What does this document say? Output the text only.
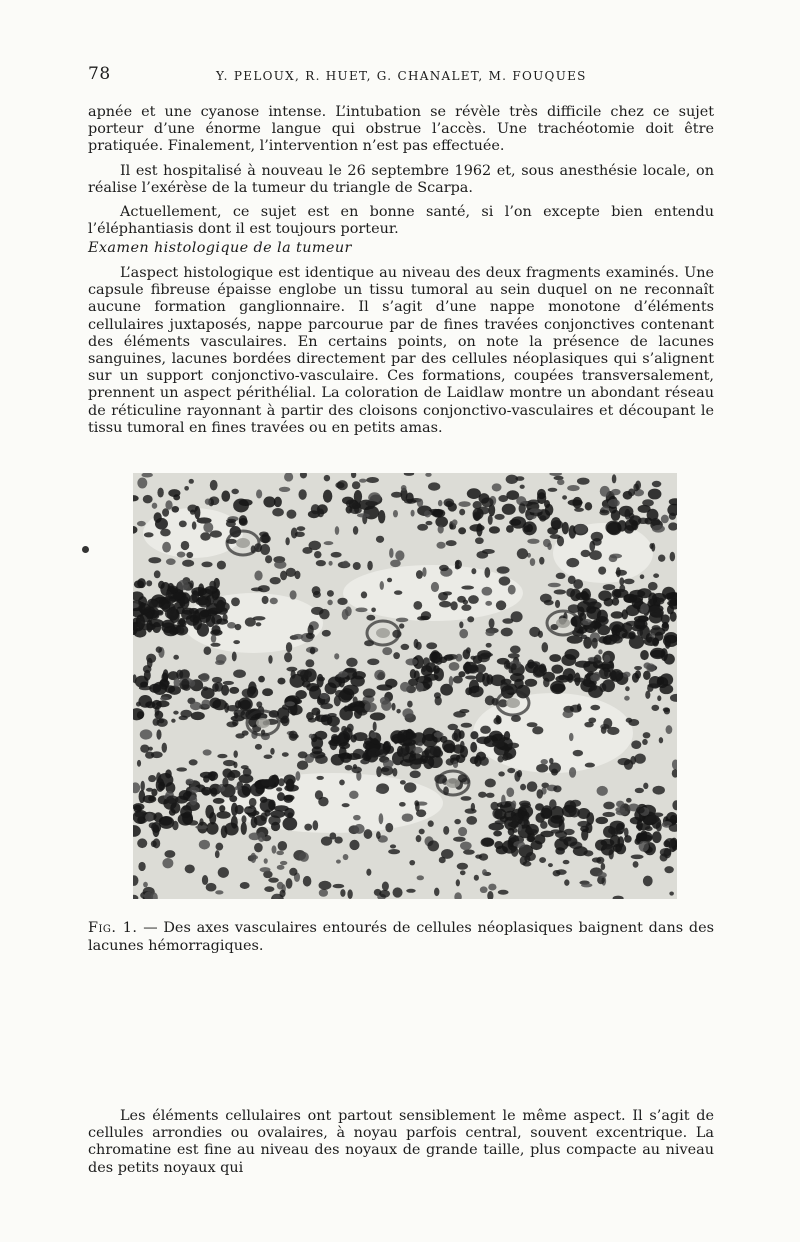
78	Y. PELOUX, R. HUET, G. CHANALET, M. FOUQUES

apnée et une cyanose intense. L’intubation se révèle très difficile chez ce sujet porteur d’une énorme langue qui obstrue l’accès. Une trachéotomie doit être pratiquée. Finalement, l’intervention n’est pas effectuée.

Il est hospitalisé à nouveau le 26 septembre 1962 et, sous anesthésie locale, on réalise l’exérèse de la tumeur du triangle de Scarpa.

Actuellement, ce sujet est en bonne santé, si l’on excepte bien entendu l’éléphantiasis dont il est toujours porteur.

Examen histologique de la tumeur

L’aspect histologique est identique au niveau des deux fragments examinés. Une capsule fibreuse épaisse englobe un tissu tumoral au sein duquel on ne reconnaît aucune formation ganglionnaire. Il s’agit d’une nappe monotone d’éléments cellulaires juxtaposés, nappe parcourue par de fines travées conjonctives contenant des éléments vasculaires. En certains points, on note la présence de lacunes sanguines, lacunes bordées directement par des cellules néoplasiques qui s’alignent sur un support conjonctivo-vasculaire. Ces formations, coupées transversalement, prennent un aspect périthélial. La coloration de Laidlaw montre un abondant réseau de réticuline rayonnant à partir des cloisons conjonctivo-vasculaires et découpant le tissu tumoral en fines travées ou en petits amas.

Fig. 1. — Des axes vasculaires entourés de cellules néoplasiques baignent dans des lacunes hémorragiques.

Les éléments cellulaires ont partout sensiblement le même aspect. Il s’agit de cellules arrondies ou ovalaires, à noyau parfois central, souvent excentrique. La chromatine est fine au niveau des noyaux de grande taille, plus compacte au niveau des petits noyaux qui
